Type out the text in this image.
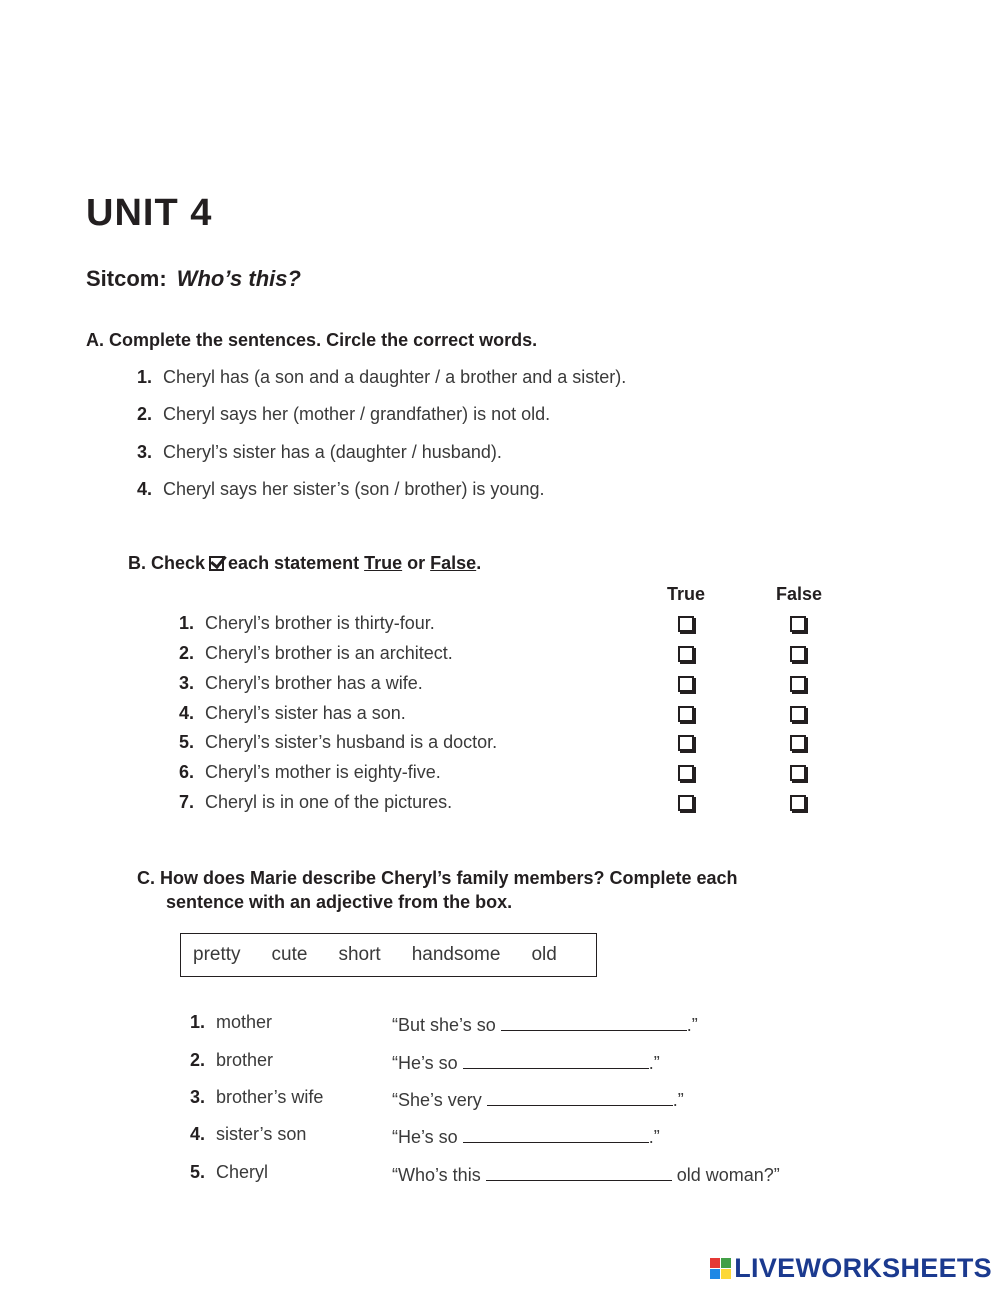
UNIT 4
Sitcom: Who’s this?
A. Complete the sentences. Circle the correct words.
1. Cheryl has (a son and a daughter / a brother and a sister).
2. Cheryl says her (mother / grandfather) is not old.
3. Cheryl’s sister has a (daughter / husband).
4. Cheryl says her sister’s (son / brother) is young.
B. Check each statement True or False.
True	False
1. Cheryl’s brother is thirty-four.
2. Cheryl’s brother is an architect.
3. Cheryl’s brother has a wife.
4. Cheryl’s sister has a son.
5. Cheryl’s sister’s husband is a doctor.
6. Cheryl’s mother is eighty-five.
7. Cheryl is in one of the pictures.
C. How does Marie describe Cheryl’s family members? Complete each
sentence with an adjective from the box.
pretty cute short handsome old
1. mother	“But she’s so	.”
2. brother	“He’s so	.”
3. brother’s wife	“She’s very	.”
4. sister’s son	“He’s so	.”
5. Cheryl	“Who’s this	old woman?”
LIVEWORKSHEETS
